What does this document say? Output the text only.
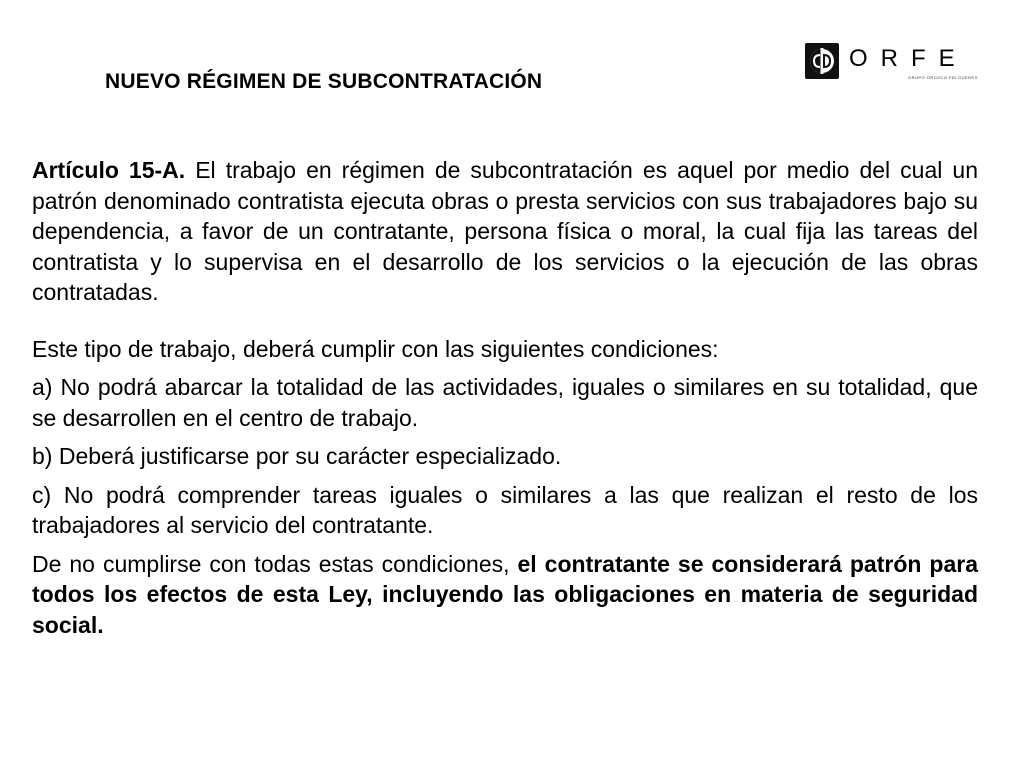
NUEVO RÉGIMEN DE SUBCONTRATACIÓN
ORFE
GRUPO OROZCO-FELGUERES

Artículo 15-A. El trabajo en régimen de subcontratación es aquel por medio del cual un patrón denominado contratista ejecuta obras o presta servicios con sus trabajadores bajo su dependencia, a favor de un contratante, persona física o moral, la cual fija las tareas del contratista y lo supervisa en el desarrollo de los servicios o la ejecución de las obras contratadas.

Este tipo de trabajo, deberá cumplir con las siguientes condiciones:

a) No podrá abarcar la totalidad de las actividades, iguales o similares en su totalidad, que se desarrollen en el centro de trabajo.

b) Deberá justificarse por su carácter especializado.

c) No podrá comprender tareas iguales o similares a las que realizan el resto de los trabajadores al servicio del contratante.

De no cumplirse con todas estas condiciones, el contratante se considerará patrón para todos los efectos de esta Ley, incluyendo las obligaciones en materia de seguridad social.
